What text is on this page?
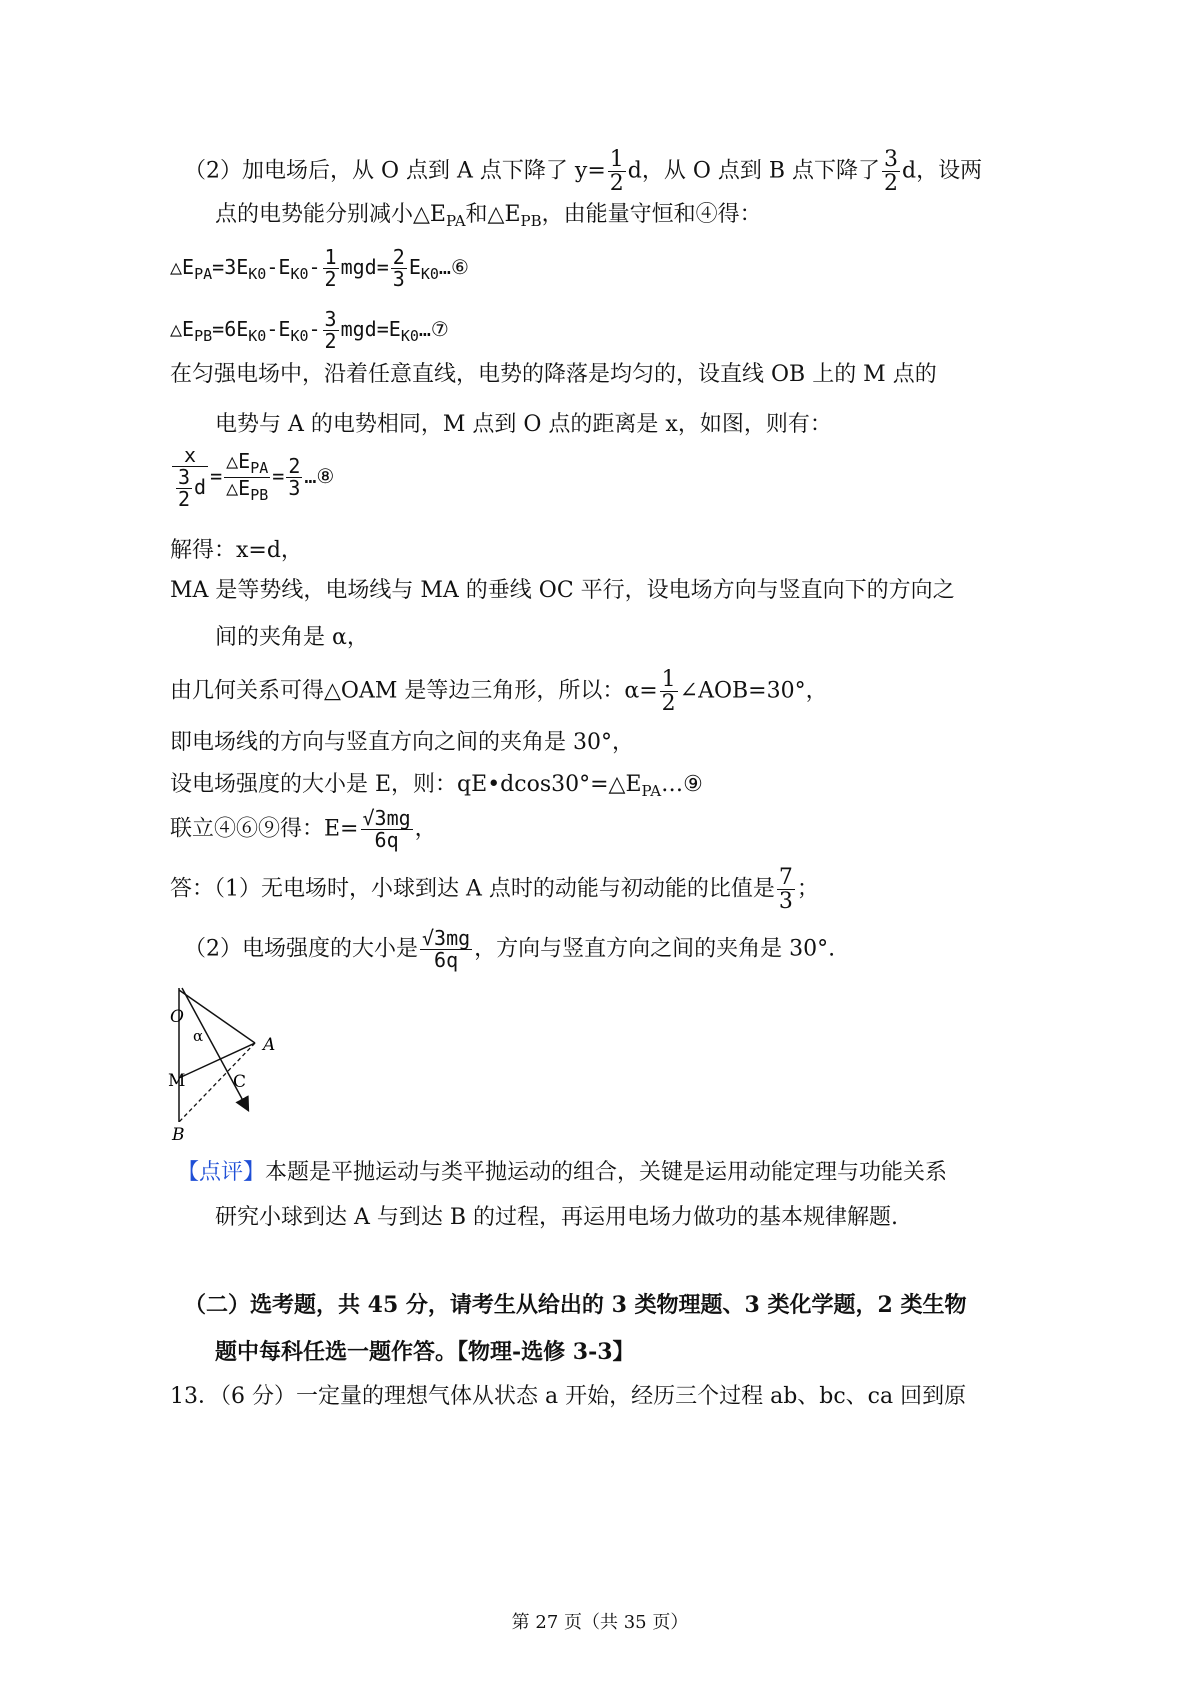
（2）加电场后，从 O 点到 A 点下降了 $y= \frac{1}{2}$ d，从 O 点到 B 点下降了 $\frac{3}{2}$ d，设两
点的电势能分别减小$\triangle E_{PA}$和$\triangle E_{PB}$，由能量守恒和④得：
$\triangle E_{PA}=3E_{K0}-E_{K0}- \frac{1}{2} mgd= \frac{2}{3}$ $E_{K0}\dots ⑥$
$\triangle E_{PB}=6E_{K0}-E_{K0}- \frac{3}{2}$ $mgd=E_{K0}\dots ⑦$
在匀强电场中，沿着任意直线，电势的降落是均匀的，设直线 OB 上的 M 点的
电势与 A 的电势相同，M 点到 O 点的距离是 x，如图，则有：
$\frac{x}{\frac{3}{2} d} = \frac{\triangle E_{PA}}{\triangle E_{PB}} = \frac{2}{3}$ …⑧
解得：x=d，
MA 是等势线，电场线与 MA 的垂线 OC 平行，设电场方向与竖直向下的方向之
间的夹角是 α，
由几何关系可得△OAM 是等边三角形，所以：$\alpha= \frac{1}{2}$ ∠AOB=30°，
即电场线的方向与竖直方向之间的夹角是 30°，
设电场强度的大小是 E，则：$qE•dcos30^\circ=\triangle E_{PA}\dots ⑨$
联立④⑥⑨得：$E= \frac{√3mg}{6q}$ ，
答：（1）无电场时，小球到达 A 点时的动能与初动能的比值是 $\frac{7}{3}$ ；
（2）电场强度的大小是 $\frac{√3mg}{6q}$ ，方向与竖直方向之间的夹角是 30°.
O
α	A
M	C
B
【点评】本题是平抛运动与类平抛运动的组合，关键是运用动能定理与功能关系
研究小球到达 A 与到达 B 的过程，再运用电场力做功的基本规律解题.
（二）选考题，共 45 分，请考生从给出的 3 类物理题、3 类化学题，2 类生物
题中每科任选一题作答。【物理-选修 3-3】
13．（6 分）一定量的理想气体从状态 a 开始，经历三个过程 ab、bc、ca 回到原
第 27 页（共 35 页）
